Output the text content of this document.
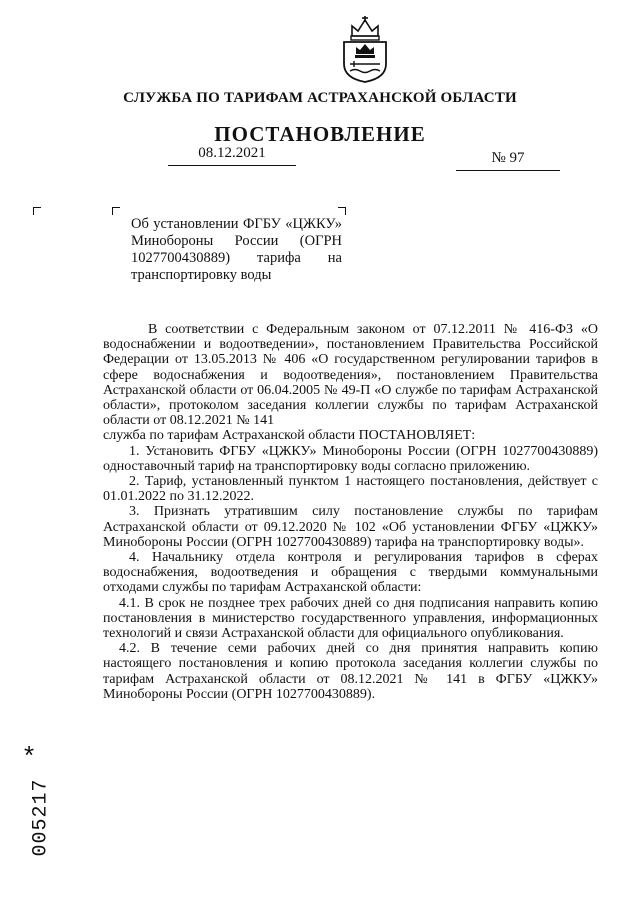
СЛУЖБА ПО ТАРИФАМ АСТРАХАНСКОЙ ОБЛАСТИ
ПОСТАНОВЛЕНИЕ
08.12.2021	№ 97
Об установлении ФГБУ «ЦЖКУ» Минобороны России (ОГРН 1027700430889) тарифа на транспортировку воды

В соответствии с Федеральным законом от 07.12.2011 № 416-ФЗ «О водоснабжении и водоотведении», постановлением Правительства Российской Федерации от 13.05.2013 № 406 «О государственном регулировании тарифов в сфере водоснабжения и водоотведения», постановлением Правительства Астраханской области от 06.04.2005 № 49-П «О службе по тарифам Астраханской области», протоколом заседания коллегии службы по тарифам Астраханской области от 08.12.2021 № 141

служба по тарифам Астраханской области ПОСТАНОВЛЯЕТ:

1. Установить ФГБУ «ЦЖКУ» Минобороны России (ОГРН 1027700430889) одноставочный тариф на транспортировку воды согласно приложению.

2. Тариф, установленный пунктом 1 настоящего постановления, действует с 01.01.2022 по 31.12.2022.

3. Признать утратившим силу постановление службы по тарифам Астраханской области от 09.12.2020 № 102 «Об установлении ФГБУ «ЦЖКУ» Минобороны России (ОГРН 1027700430889) тарифа на транспортировку воды».

4. Начальнику отдела контроля и регулирования тарифов в сферах водоснабжения, водоотведения и обращения с твердыми коммунальными отходами службы по тарифам Астраханской области:

4.1. В срок не позднее трех рабочих дней со дня подписания направить копию постановления в министерство государственного управления, информационных технологий и связи Астраханской области для официального опубликования.

4.2. В течение семи рабочих дней со дня принятия направить копию настоящего постановления и копию протокола заседания коллегии службы по тарифам Астраханской области от 08.12.2021 № 141 в ФГБУ «ЦЖКУ» Минобороны России (ОГРН 1027700430889).

*
005217
